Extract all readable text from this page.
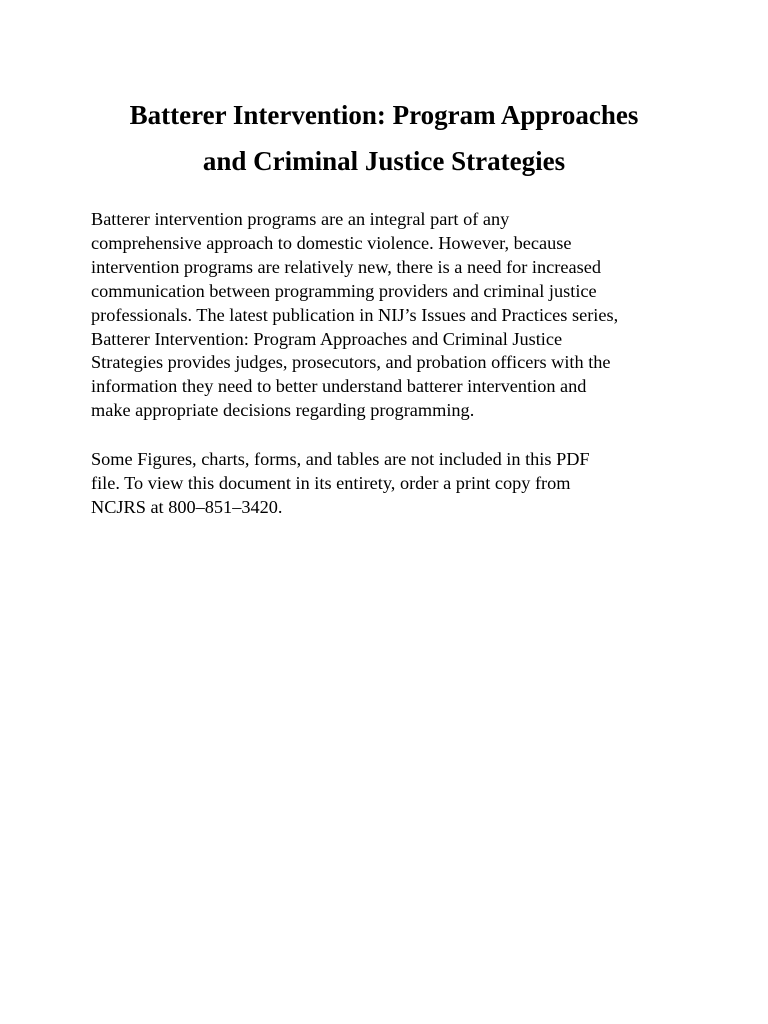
Batterer Intervention: Program Approaches
and Criminal Justice Strategies

Batterer intervention programs are an integral part of any
comprehensive approach to domestic violence. However, because
intervention programs are relatively new, there is a need for increased
communication between programming providers and criminal justice
professionals. The latest publication in NIJ’s Issues and Practices series,
Batterer Intervention: Program Approaches and Criminal Justice
Strategies provides judges, prosecutors, and probation officers with the
information they need to better understand batterer intervention and
make appropriate decisions regarding programming.

Some Figures, charts, forms, and tables are not included in this PDF
file. To view this document in its entirety, order a print copy from
NCJRS at 800–851–3420.
